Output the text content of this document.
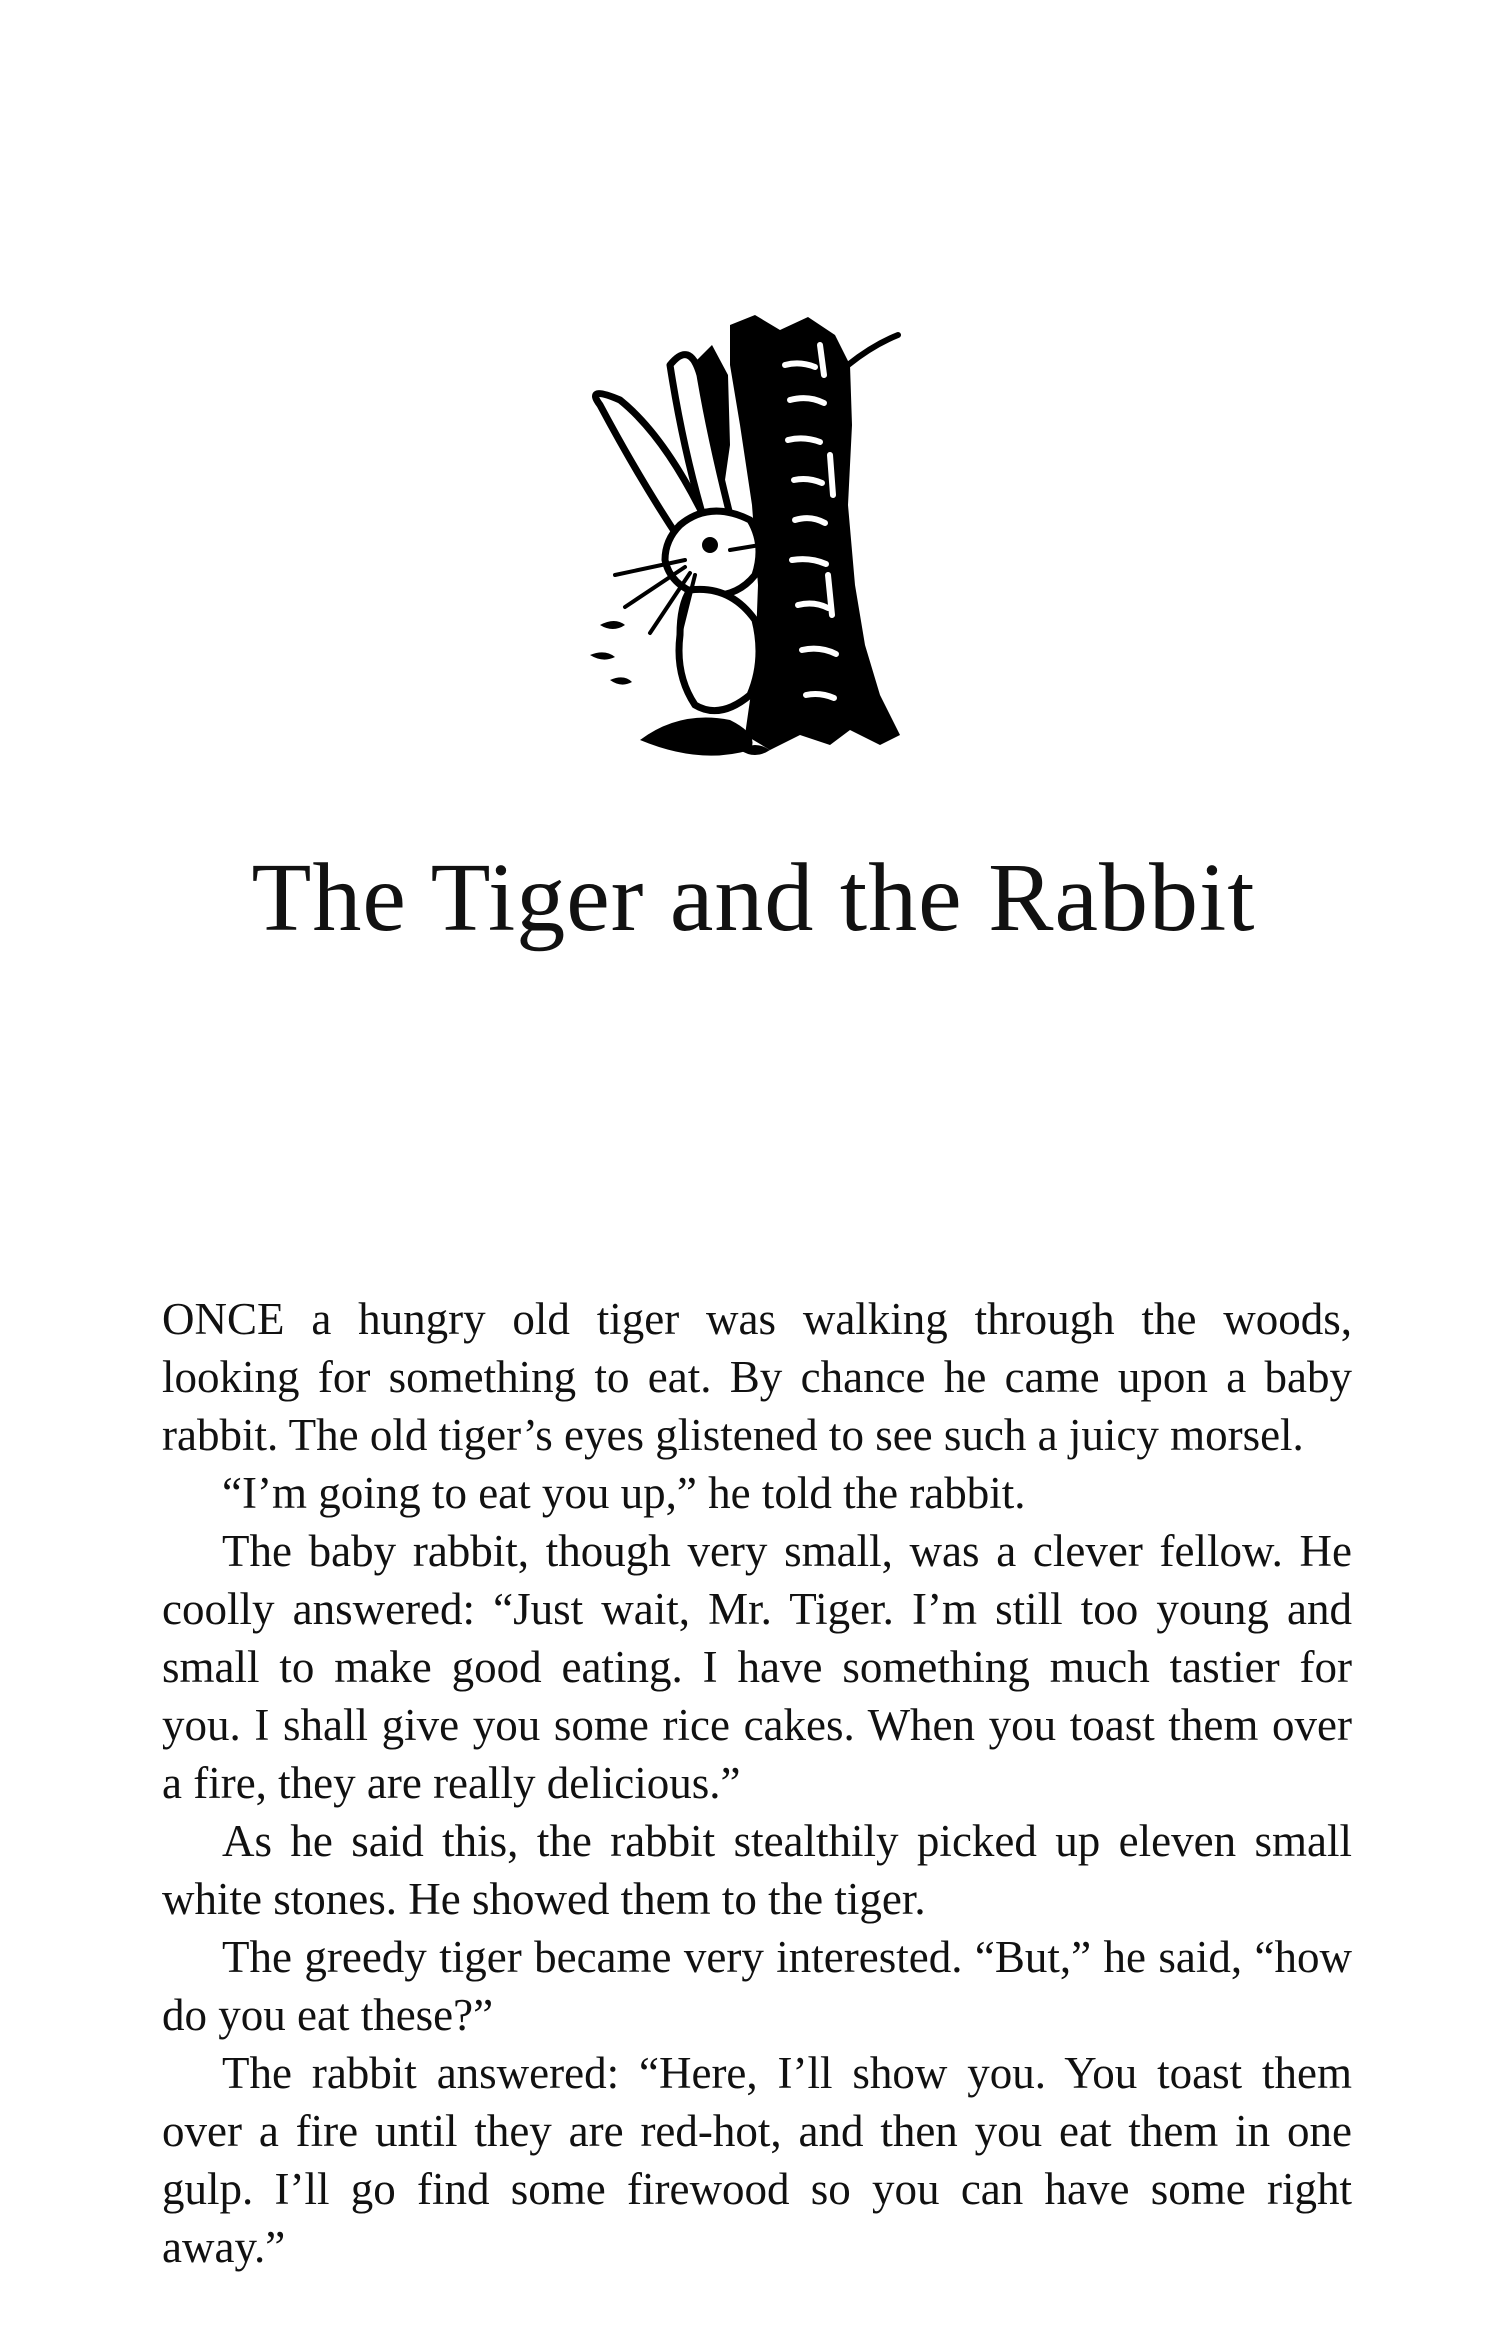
The Tiger and the Rabbit

ONCE a hungry old tiger was walking through the woods, looking for something to eat. By chance he came upon a baby rabbit. The old tiger’s eyes glistened to see such a juicy morsel.

“I’m going to eat you up,” he told the rabbit.

The baby rabbit, though very small, was a clever fellow. He coolly answered: “Just wait, Mr. Tiger. I’m still too young and small to make good eating. I have something much tastier for you. I shall give you some rice cakes. When you toast them over a fire, they are really delicious.”

As he said this, the rabbit stealthily picked up eleven small white stones. He showed them to the tiger.

The greedy tiger became very interested. “But,” he said, “how do you eat these?”

The rabbit answered: “Here, I’ll show you. You toast them over a fire until they are red-hot, and then you eat them in one gulp. I’ll go find some firewood so you can have some right away.”
